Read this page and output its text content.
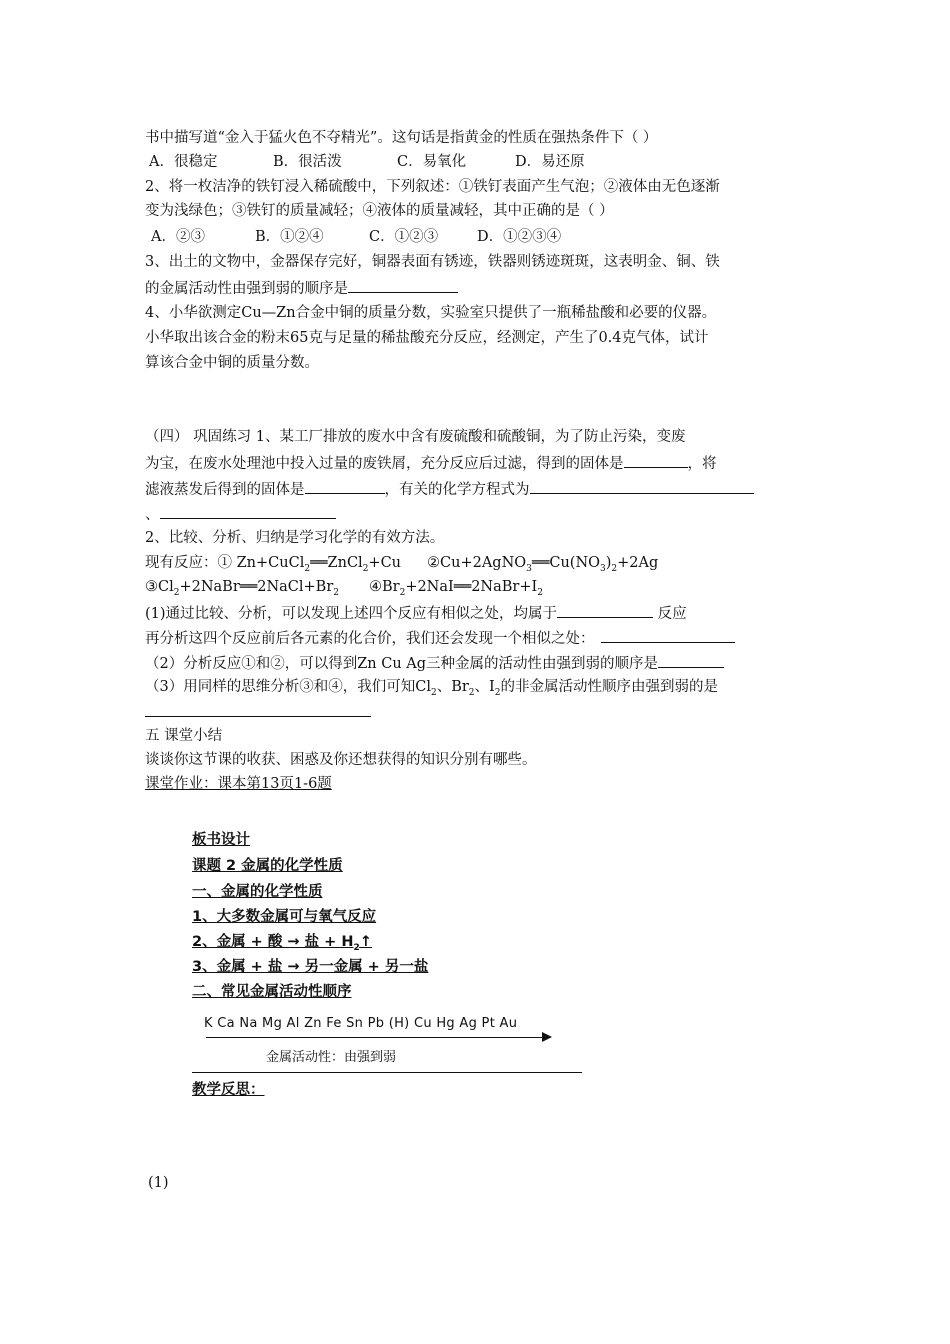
书中描写道“金入于猛火色不夺精光”。这句话是指黄金的性质在强热条件下（ ）
A．很稳定	B．很活泼	C．易氧化	D．易还原
2、将一枚洁净的铁钉浸入稀硫酸中，下列叙述：①铁钉表面产生气泡；②液体由无色逐渐
变为浅绿色；③铁钉的质量减轻；④液体的质量减轻，其中正确的是（ ）
A．②③	B．①②④	C．①②③	D．①②③④
3、出土的文物中，金器保存完好，铜器表面有锈迹，铁器则锈迹斑斑，这表明金、铜、铁
的金属活动性由强到弱的顺序是
4、小华欲测定Cu—Zn合金中铜的质量分数，实验室只提供了一瓶稀盐酸和必要的仪器。
小华取出该合金的粉末65克与足量的稀盐酸充分反应，经测定，产生了0.4克气体，试计
算该合金中铜的质量分数。
（四） 巩固练习 1、某工厂排放的废水中含有废硫酸和硫酸铜，为了防止污染，变废
为宝，在废水处理池中投入过量的废铁屑，充分反应后过滤，得到的固体是	，将
滤液蒸发后得到的固体是	，有关的化学方程式为
、
2、比较、分析、归纳是学习化学的有效方法。
现有反应：① Zn+CuCl$_2$══ZnCl$_2$+Cu $②Cu+2AgNO_3══Cu(NO_3)_2+2Ag$
$③Cl_2+2NaBr══2NaCl+Br_2$ $④Br_2+2NaI══2NaBr+I_2$
(1)通过比较、分析，可以发现上述四个反应有相似之处，均属于	反应
再分析这四个反应前后各元素的化合价，我们还会发现一个相似之处：
（2）分析反应①和②，可以得到Zn Cu Ag三种金属的活动性由强到弱的顺序是
（3）用同样的思维分析③和④，我们可知$Cl_2$、$Br_2$、$I_2$的非金属活动性顺序由强到弱的是
五 课堂小结
谈谈你这节课的收获、困惑及你还想获得的知识分别有哪些。
课堂作业：课本第13页1-6题
板书设计
课题 2 金属的化学性质
一、金属的化学性质
1、大多数金属可与氧气反应
2、金属 + 酸 → 盐 + $H_2↑$
3、金属 + 盐 → 另一金属 + 另一盐
二、常见金属活动性顺序
K Ca Na Mg Al Zn Fe Sn Pb (H) Cu Hg Ag Pt Au
金属活动性：由强到弱
教学反思：
(1)
